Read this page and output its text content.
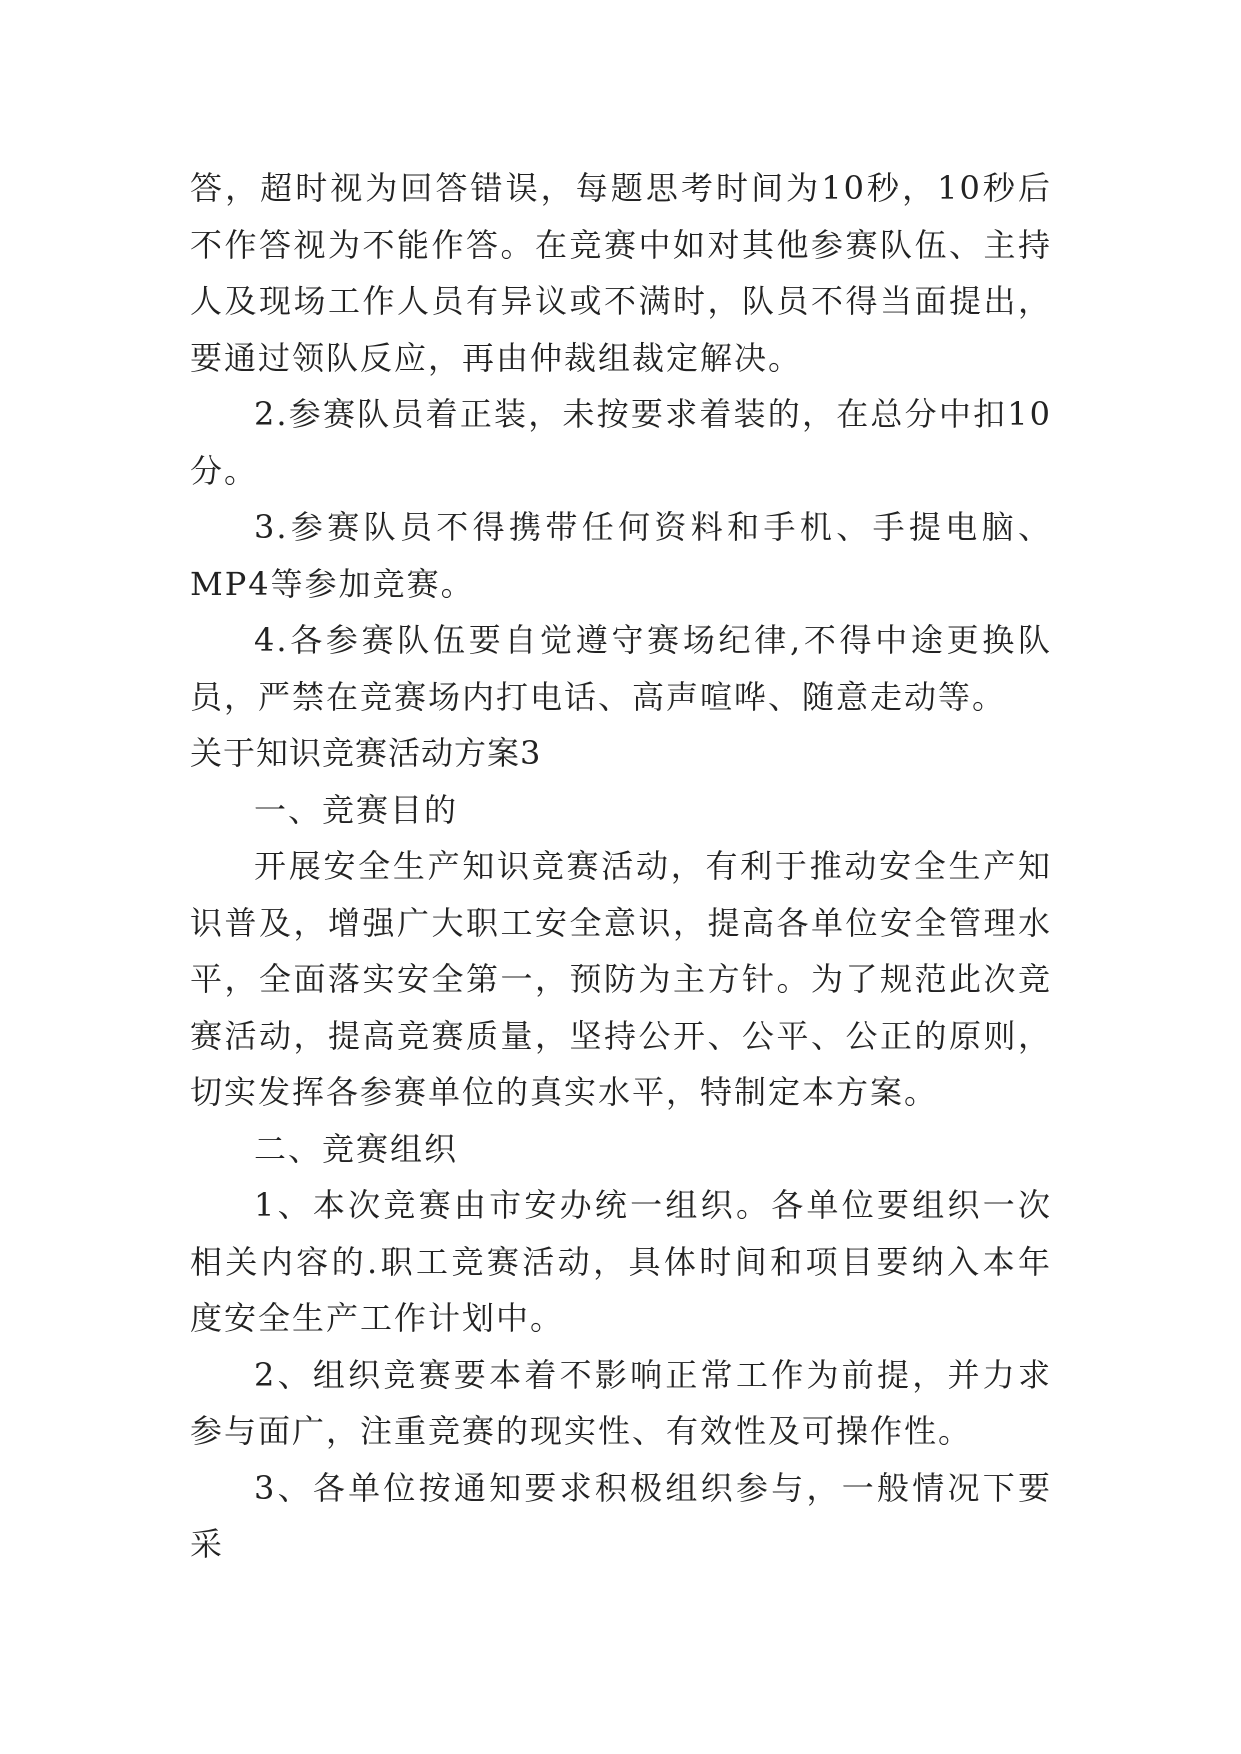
答，超时视为回答错误，每题思考时间为10秒，10秒后不作答视为不能作答。在竞赛中如对其他参赛队伍、主持人及现场工作人员有异议或不满时，队员不得当面提出，要通过领队反应，再由仲裁组裁定解决。

2.参赛队员着正装，未按要求着装的，在总分中扣10分。

3.参赛队员不得携带任何资料和手机、手提电脑、MP4等参加竞赛。

4.各参赛队伍要自觉遵守赛场纪律,不得中途更换队员，严禁在竞赛场内打电话、高声喧哗、随意走动等。

关于知识竞赛活动方案3

一、竞赛目的

开展安全生产知识竞赛活动，有利于推动安全生产知识普及，增强广大职工安全意识，提高各单位安全管理水平，全面落实安全第一，预防为主方针。为了规范此次竞赛活动，提高竞赛质量，坚持公开、公平、公正的原则，切实发挥各参赛单位的真实水平，特制定本方案。

二、竞赛组织

1、本次竞赛由市安办统一组织。各单位要组织一次相关内容的.职工竞赛活动，具体时间和项目要纳入本年度安全生产工作计划中。

2、组织竞赛要本着不影响正常工作为前提，并力求参与面广，注重竞赛的现实性、有效性及可操作性。

3、各单位按通知要求积极组织参与，一般情况下要采
